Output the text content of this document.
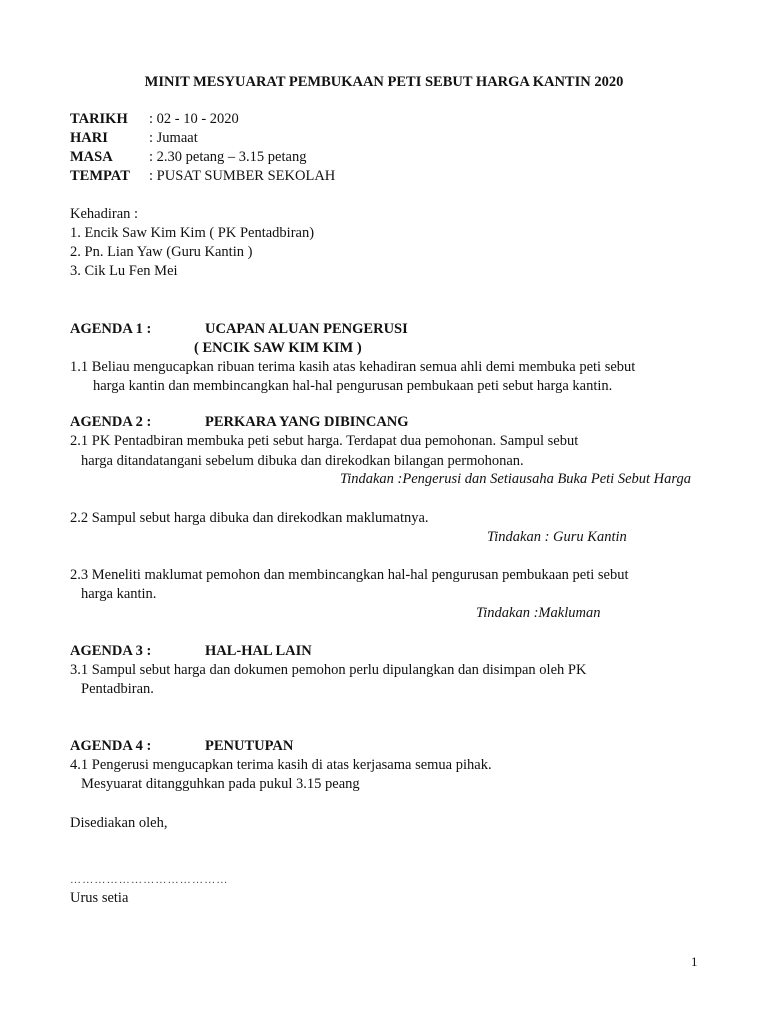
MINIT MESYUARAT PEMBUKAAN PETI SEBUT HARGA KANTIN 2020
TARIKH : 02 - 10 - 2020
HARI	: Jumaat
MASA	: 2.30 petang – 3.15 petang
TEMPAT : PUSAT SUMBER SEKOLAH
Kehadiran :
1. Encik Saw Kim Kim ( PK Pentadbiran)
2. Pn. Lian Yaw (Guru Kantin )
3. Cik Lu Fen Mei
AGENDA 1 :	UCAPAN ALUAN PENGERUSI
( ENCIK SAW KIM KIM )
1.1 Beliau mengucapkan ribuan terima kasih atas kehadiran semua ahli demi membuka peti sebut
harga kantin dan membincangkan hal-hal pengurusan pembukaan peti sebut harga kantin.
AGENDA 2 :	PERKARA YANG DIBINCANG
2.1 PK Pentadbiran membuka peti sebut harga. Terdapat dua pemohonan. Sampul sebut
harga ditandatangani sebelum dibuka dan direkodkan bilangan permohonan.
Tindakan :Pengerusi dan Setiausaha Buka Peti Sebut Harga
2.2 Sampul sebut harga dibuka dan direkodkan maklumatnya.
Tindakan : Guru Kantin
2.3 Meneliti maklumat pemohon dan membincangkan hal-hal pengurusan pembukaan peti sebut
harga kantin.
Tindakan :Makluman
AGENDA 3 :	HAL-HAL LAIN
3.1 Sampul sebut harga dan dokumen pemohon perlu dipulangkan dan disimpan oleh PK
Pentadbiran.
AGENDA 4 :	PENUTUPAN
4.1 Pengerusi mengucapkan terima kasih di atas kerjasama semua pihak.
Mesyuarat ditangguhkan pada pukul 3.15 peang
Disediakan oleh,
…………………………………
Urus setia
1
